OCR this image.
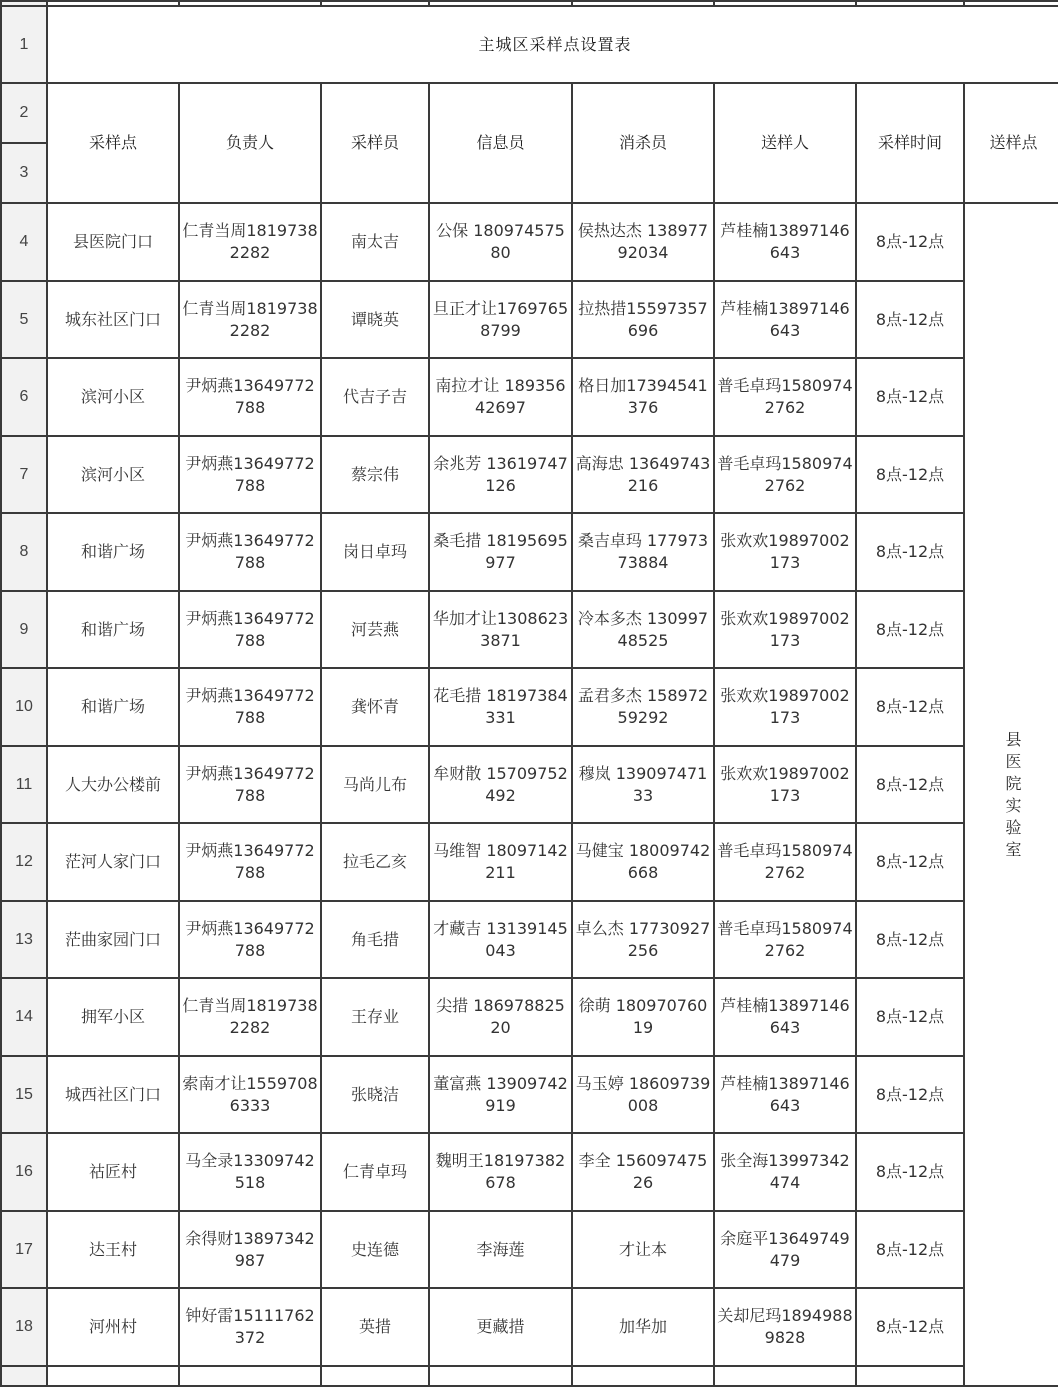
1	主城区采样点设置表							
2	采样点	负责人	采样员	信息员	消杀员	送样人	采样时间	送样点
3								
4	县医院门口	仁青当周18197382282	南太吉	公保 18097457580	侯热达杰 13897792034	芦桂楠13897146643	8点-12点	县医院实验室
5	城东社区门口	仁青当周18197382282	谭晓英	旦正才让17697658799	拉热措15597357696	芦桂楠13897146643	8点-12点	
6	滨河小区	尹炳燕13649772788	代吉子吉	南拉才让 18935642697	格日加17394541376	普毛卓玛15809742762	8点-12点	
7	滨河小区	尹炳燕13649772788	蔡宗伟	余兆芳 13619747126	高海忠 13649743216	普毛卓玛15809742762	8点-12点	
8	和谐广场	尹炳燕13649772788	岗日卓玛	桑毛措 18195695977	桑吉卓玛 17797373884	张欢欢19897002173	8点-12点	
9	和谐广场	尹炳燕13649772788	河芸燕	华加才让13086233871	冷本多杰 13099748525	张欢欢19897002173	8点-12点	
10	和谐广场	尹炳燕13649772788	龚怀青	花毛措 18197384331	孟君多杰 15897259292	张欢欢19897002173	8点-12点	
11	人大办公楼前	尹炳燕13649772788	马尚儿布	牟财散 15709752492	穆岚 13909747133	张欢欢19897002173	8点-12点	
12	茫河人家门口	尹炳燕13649772788	拉毛乙亥	马维智 18097142211	马健宝 18009742668	普毛卓玛15809742762	8点-12点	
13	茫曲家园门口	尹炳燕13649772788	角毛措	才藏吉 13139145043	卓么杰 17730927256	普毛卓玛15809742762	8点-12点	
14	拥军小区	仁青当周18197382282	王存业	尖措 18697882520	徐萌 18097076019	芦桂楠13897146643	8点-12点	
15	城西社区门口	索南才让15597086333	张晓洁	董富燕 13909742919	马玉婷 18609739008	芦桂楠13897146643	8点-12点	
16	祜匠村	马全录13309742518	仁青卓玛	魏明王18197382678	李全 15609747526	张全海13997342474	8点-12点	
17	达王村	余得财13897342987	史连德	李海莲	才让本	余庭平13649749479	8点-12点	
18	河州村	钟好雷15111762372	英措	更藏措	加华加	关却尼玛18949889828	8点-12点	
